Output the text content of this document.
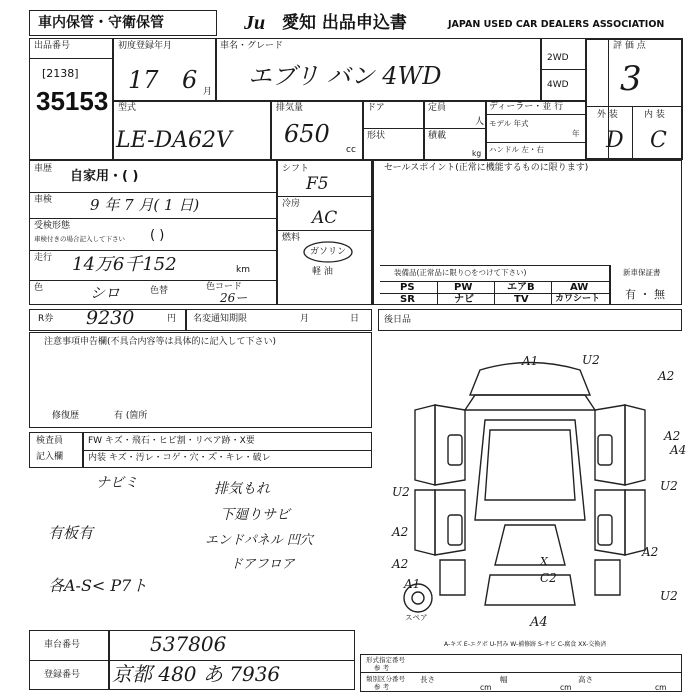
車内保管・守衛保管	Ju 愛知 出品申込書	JAPAN USED CAR DEALERS ASSOCIATION
出品番号
[2138]
35153
初度登録年月
17 6 月
車名・グレード
エブリ バン 4WD
2WD
4WD
評 価 点
3
外 装	内 装
D C
型式
LE-DA62V
排気量
650
cc
ドア
形状
定員
人
積載
kg
ディーラー・並 行
モデル 年式
年
ハンドル 左・右
車歴 自家用・( )
車検	9 年 7 月( 1 日)
受検形態
車検付きの場合記入して下さい ( )
走行 14万6千152	km
色	シロ	色替	色コード
26ー
シフト
F5
冷房
AC
燃料
ガソリン
軽 油
セールスポイント(正常に機能するものに限ります)
装備品(正常品に限り○をつけて下さい)
PS	PW	エアB	AW
SR	ナビ	TV	カワシート
新車保証書
有 ・ 無
R券 9230	円 名変通知期限	月	日	後日品
注意事項申告欄(不具合内容等は具体的に記入して下さい)
修復歴	有 (箇所
検査員
記入欄
FW キズ・飛石・ヒビ割・リペア跡・X要
内装 キズ・汚レ・コゲ・穴・ス゚・キレ・破レ
ナビミ
有板有
各A-S< P7ト
排気もれ
下廻りサビ
エンドパネル 凹穴
ドアフロア
A1	U2
A2
A2
A4
U2
A2
A2
A1
X
C2
A4
U2
A2
U2
スペア
A-キズ E-エクボ U-凹み W-補修跡 S-サビ C-腐食 XX-交換済
車台番号	537806
登録番号 京都 480 あ 7936
形式指定番号
参 考
類別区分番号
参 考
長さ
cm
幅
cm
高さ
cm
